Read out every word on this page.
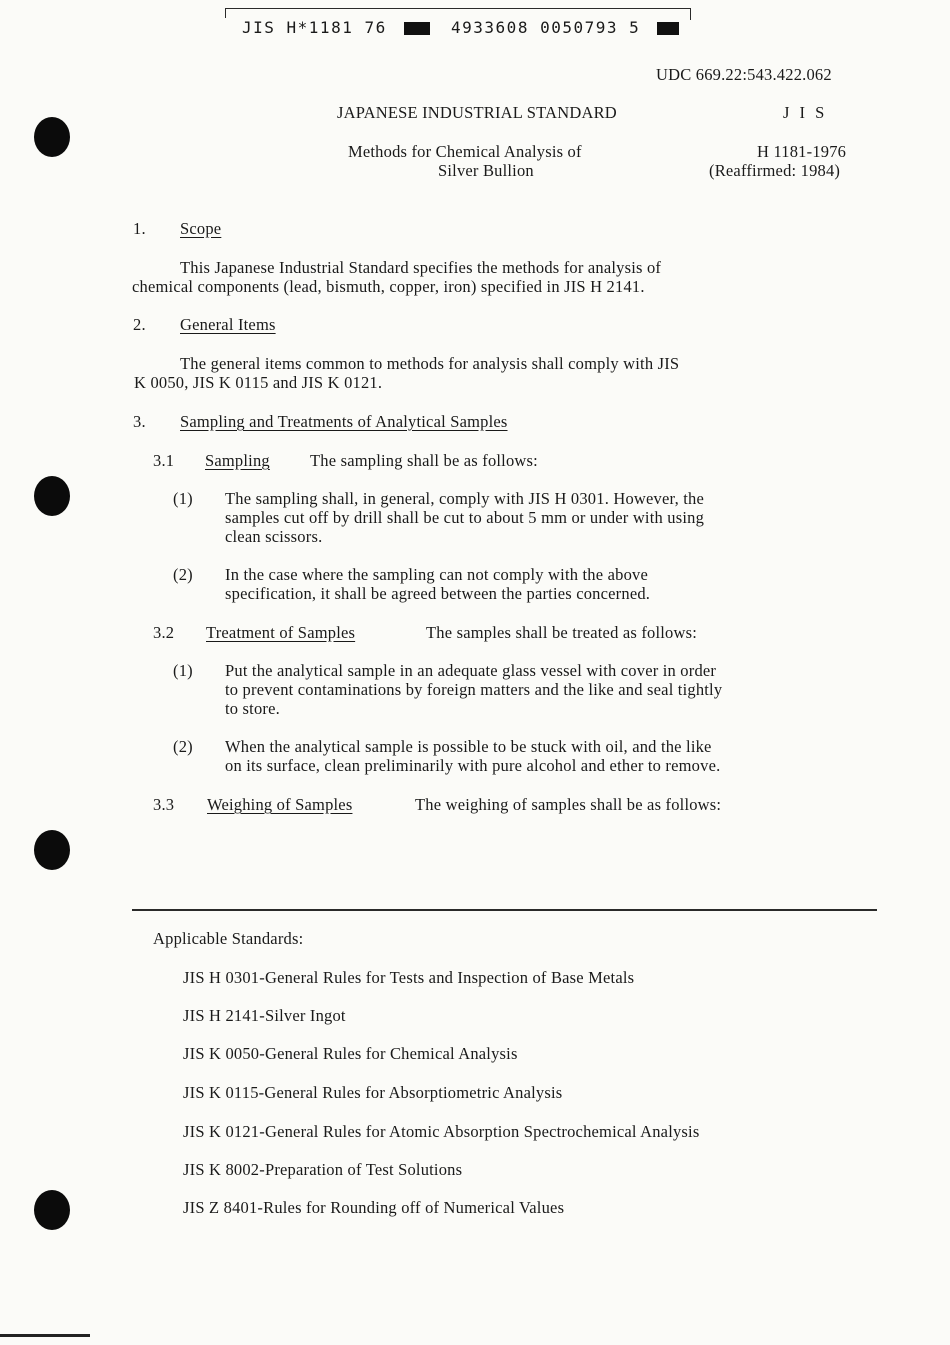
JIS H*1181 76	4933608 0050793 5
UDC 669.22:543.422.062
JAPANESE INDUSTRIAL STANDARD	J I S
Methods for Chemical Analysis of	H 1181-1976
Silver Bullion	(Reaffirmed: 1984)
1. Scope
This Japanese Industrial Standard specifies the methods for analysis of
chemical components (lead, bismuth, copper, iron) specified in JIS H 2141.
2. General Items
The general items common to methods for analysis shall comply with JIS
K 0050, JIS K 0115 and JIS K 0121.
3. Sampling and Treatments of Analytical Samples
3.1 Sampling The sampling shall be as follows:
(1) The sampling shall, in general, comply with JIS H 0301. However, the
samples cut off by drill shall be cut to about 5 mm or under with using
clean scissors.
(2) In the case where the sampling can not comply with the above
specification, it shall be agreed between the parties concerned.
3.2 Treatment of Samples	The samples shall be treated as follows:
(1) Put the analytical sample in an adequate glass vessel with cover in order
to prevent contaminations by foreign matters and the like and seal tightly
to store.
(2) When the analytical sample is possible to be stuck with oil, and the like
on its surface, clean preliminarily with pure alcohol and ether to remove.
3.3 Weighing of Samples	The weighing of samples shall be as follows:
Applicable Standards:
JIS H 0301-General Rules for Tests and Inspection of Base Metals
JIS H 2141-Silver Ingot
JIS K 0050-General Rules for Chemical Analysis
JIS K 0115-General Rules for Absorptiometric Analysis
JIS K 0121-General Rules for Atomic Absorption Spectrochemical Analysis
JIS K 8002-Preparation of Test Solutions
JIS Z 8401-Rules for Rounding off of Numerical Values
